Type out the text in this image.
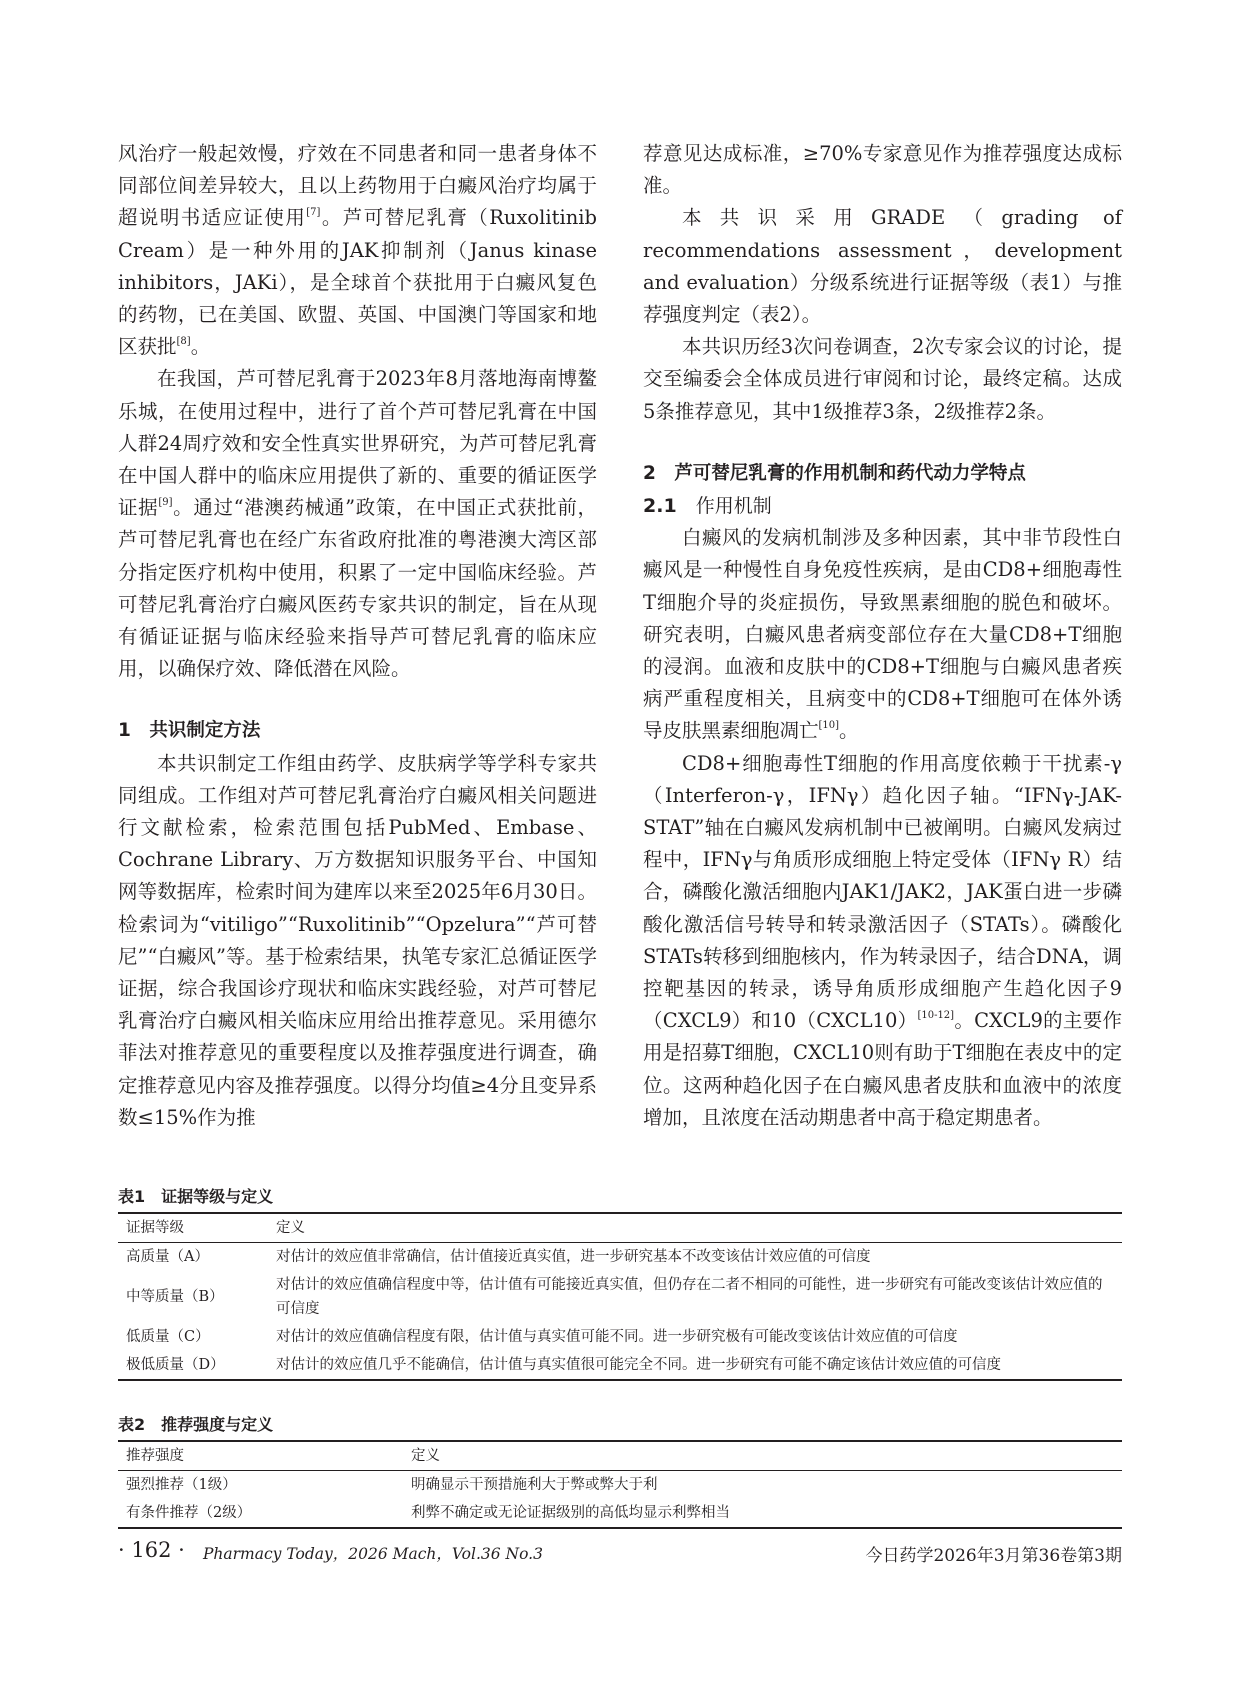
风治疗一般起效慢，疗效在不同患者和同一患者身体不同部位间差异较大，且以上药物用于白癜风治疗均属于超说明书适应证使用[7]。芦可替尼乳膏（Ruxolitinib Cream）是一种外用的JAK抑制剂（Janus kinase inhibitors，JAKi），是全球首个获批用于白癜风复色的药物，已在美国、欧盟、英国、中国澳门等国家和地区获批[8]。

在我国，芦可替尼乳膏于2023年8月落地海南博鳌乐城，在使用过程中，进行了首个芦可替尼乳膏在中国人群24周疗效和安全性真实世界研究，为芦可替尼乳膏在中国人群中的临床应用提供了新的、重要的循证医学证据[9]。通过“港澳药械通”政策，在中国正式获批前，芦可替尼乳膏也在经广东省政府批准的粤港澳大湾区部分指定医疗机构中使用，积累了一定中国临床经验。芦可替尼乳膏治疗白癜风医药专家共识的制定，旨在从现有循证证据与临床经验来指导芦可替尼乳膏的临床应用，以确保疗效、降低潜在风险。

1　共识制定方法

本共识制定工作组由药学、皮肤病学等学科专家共同组成。工作组对芦可替尼乳膏治疗白癜风相关问题进行文献检索，检索范围包括PubMed、Embase、Cochrane Library、万方数据知识服务平台、中国知网等数据库，检索时间为建库以来至2025年6月30日。检索词为“vitiligo”“Ruxolitinib”“Opzelura”“芦可替尼”“白癜风”等。基于检索结果，执笔专家汇总循证医学证据，综合我国诊疗现状和临床实践经验，对芦可替尼乳膏治疗白癜风相关临床应用给出推荐意见。采用德尔菲法对推荐意见的重要程度以及推荐强度进行调查，确定推荐意见内容及推荐强度。以得分均值≥4分且变异系数≤15%作为推

荐意见达成标准，≥70%专家意见作为推荐强度达成标准。

本共识采用GRADE（grading of recommendations assessment，development and evaluation）分级系统进行证据等级（表1）与推荐强度判定（表2）。

本共识历经3次问卷调查，2次专家会议的讨论，提交至编委会全体成员进行审阅和讨论，最终定稿。达成5条推荐意见，其中1级推荐3条，2级推荐2条。

2　芦可替尼乳膏的作用机制和药代动力学特点

2.1　 作用机制

白癜风的发病机制涉及多种因素，其中非节段性白癜风是一种慢性自身免疫性疾病，是由CD8+细胞毒性T细胞介导的炎症损伤，导致黑素细胞的脱色和破坏。研究表明，白癜风患者病变部位存在大量CD8+T细胞的浸润。血液和皮肤中的CD8+T细胞与白癜风患者疾病严重程度相关，且病变中的CD8+T细胞可在体外诱导皮肤黑素细胞凋亡[10]。

CD8+细胞毒性T细胞的作用高度依赖于干扰素-γ（Interferon-γ，IFNγ）趋化因子轴。“IFNγ-JAK-STAT”轴在白癜风发病机制中已被阐明。白癜风发病过程中，IFNγ与角质形成细胞上特定受体（IFNγ R）结合，磷酸化激活细胞内JAK1/JAK2，JAK蛋白进一步磷酸化激活信号转导和转录激活因子（STATs）。磷酸化STATs转移到细胞核内，作为转录因子，结合DNA，调控靶基因的转录，诱导角质形成细胞产生趋化因子9（CXCL9）和10（CXCL10）[10-12]。CXCL9的主要作用是招募T细胞，CXCL10则有助于T细胞在表皮中的定位。这两种趋化因子在白癜风患者皮肤和血液中的浓度增加，且浓度在活动期患者中高于稳定期患者。

表1　证据等级与定义
证据等级	定义
高质量（A）	对估计的效应值非常确信，估计值接近真实值，进一步研究基本不改变该估计效应值的可信度
中等质量（B）	对估计的效应值确信程度中等，估计值有可能接近真实值，但仍存在二者不相同的可能性，进一步研究有可能改变该估计效应值的可信度
低质量（C）	对估计的效应值确信程度有限，估计值与真实值可能不同。进一步研究极有可能改变该估计效应值的可信度
极低质量（D）	对估计的效应值几乎不能确信，估计值与真实值很可能完全不同。进一步研究有可能不确定该估计效应值的可信度
表2　推荐强度与定义
推荐强度	定义
强烈推荐（1级）	明确显示干预措施利大于弊或弊大于利
有条件推荐（2级）	利弊不确定或无论证据级别的高低均显示利弊相当
· 162 · Pharmacy Today，2026 Mach，Vol.36 No.3	今日药学2026年3月第36卷第3期
